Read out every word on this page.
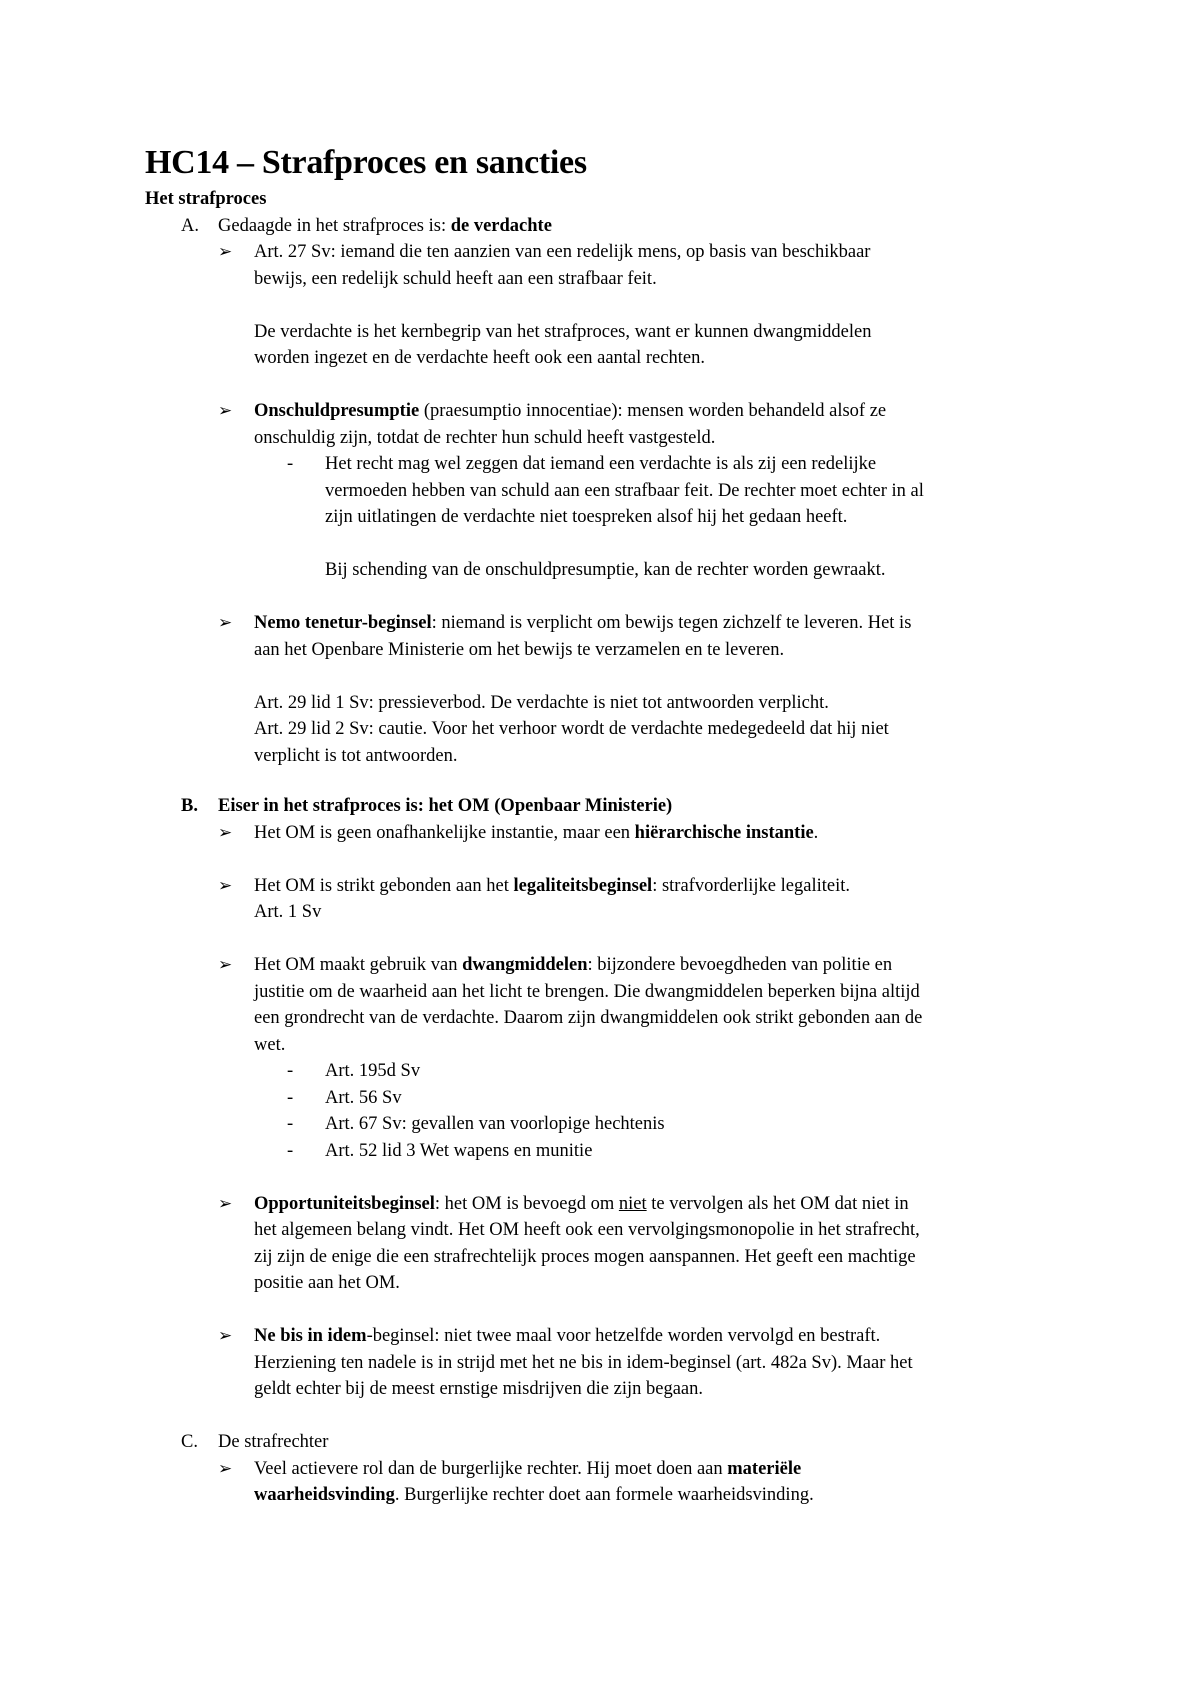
HC14 – Strafproces en sancties
Het strafproces
A. Gedaagde in het strafproces is: de verdachte
➢ Art. 27 Sv: iemand die ten aanzien van een redelijk mens, op basis van beschikbaar
bewijs, een redelijk schuld heeft aan een strafbaar feit.
De verdachte is het kernbegrip van het strafproces, want er kunnen dwangmiddelen
worden ingezet en de verdachte heeft ook een aantal rechten.
➢ Onschuldpresumptie (praesumptio innocentiae): mensen worden behandeld alsof ze
onschuldig zijn, totdat de rechter hun schuld heeft vastgesteld.
- Het recht mag wel zeggen dat iemand een verdachte is als zij een redelijke
vermoeden hebben van schuld aan een strafbaar feit. De rechter moet echter in al
zijn uitlatingen de verdachte niet toespreken alsof hij het gedaan heeft.
Bij schending van de onschuldpresumptie, kan de rechter worden gewraakt.
➢ Nemo tenetur-beginsel: niemand is verplicht om bewijs tegen zichzelf te leveren. Het is
aan het Openbare Ministerie om het bewijs te verzamelen en te leveren.
Art. 29 lid 1 Sv: pressieverbod. De verdachte is niet tot antwoorden verplicht.
Art. 29 lid 2 Sv: cautie. Voor het verhoor wordt de verdachte medegedeeld dat hij niet
verplicht is tot antwoorden.
B. Eiser in het strafproces is: het OM (Openbaar Ministerie)
➢ Het OM is geen onafhankelijke instantie, maar een hiërarchische instantie.
➢ Het OM is strikt gebonden aan het legaliteitsbeginsel: strafvorderlijke legaliteit.
Art. 1 Sv
➢ Het OM maakt gebruik van dwangmiddelen: bijzondere bevoegdheden van politie en
justitie om de waarheid aan het licht te brengen. Die dwangmiddelen beperken bijna altijd
een grondrecht van de verdachte. Daarom zijn dwangmiddelen ook strikt gebonden aan de
wet.
- Art. 195d Sv
- Art. 56 Sv
- Art. 67 Sv: gevallen van voorlopige hechtenis
- Art. 52 lid 3 Wet wapens en munitie
➢ Opportuniteitsbeginsel: het OM is bevoegd om niet te vervolgen als het OM dat niet in
het algemeen belang vindt. Het OM heeft ook een vervolgingsmonopolie in het strafrecht,
zij zijn de enige die een strafrechtelijk proces mogen aanspannen. Het geeft een machtige
positie aan het OM.
➢ Ne bis in idem-beginsel: niet twee maal voor hetzelfde worden vervolgd en bestraft.
Herziening ten nadele is in strijd met het ne bis in idem-beginsel (art. 482a Sv). Maar het
geldt echter bij de meest ernstige misdrijven die zijn begaan.
C. De strafrechter
➢ Veel actievere rol dan de burgerlijke rechter. Hij moet doen aan materiële
waarheidsvinding. Burgerlijke rechter doet aan formele waarheidsvinding.
